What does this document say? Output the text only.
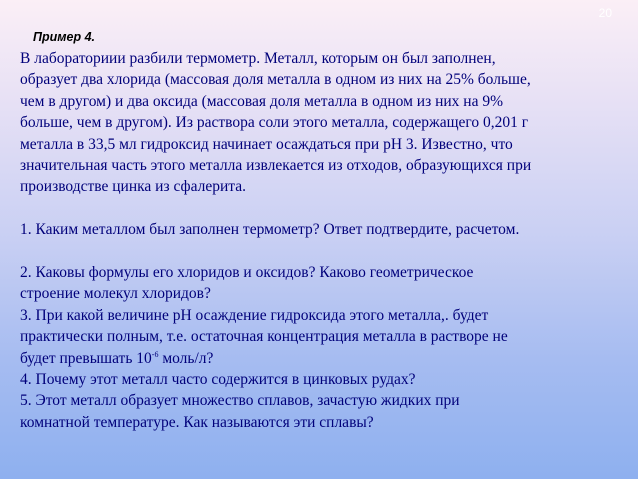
20
Пример 4.

В лабораториии разбили термометр. Металл, которым он был заполнен,

образует два хлорида (массовая доля металла в одном из них на 25% больше,

чем в другом) и два оксида (массовая доля металла в одном из них на 9%

больше, чем в другом). Из раствора соли этого металла, содержащего 0,201 г

металла в 33,5 мл гидроксид начинает осаждаться при рН 3. Известно, что

значительная часть этого металла извлекается из отходов, образующихся при

производстве цинка из сфалерита.

1. Каким металлом был заполнен термометр? Ответ подтвердите, расчетом.

2. Каковы формулы его хлоридов и оксидов? Каково геометрическое

строение молекул хлоридов?

3. При какой величине рН осаждение гидроксида этого металла,. будет

практически полным, т.е. остаточная концентрация металла в растворе не

будет превышать $10^{-6}$ моль/л?

4. Почему этот металл часто содержится в цинковых рудах?

5. Этот металл образует множество сплавов, зачастую жидких при

комнатной температуре. Как называются эти сплавы?
